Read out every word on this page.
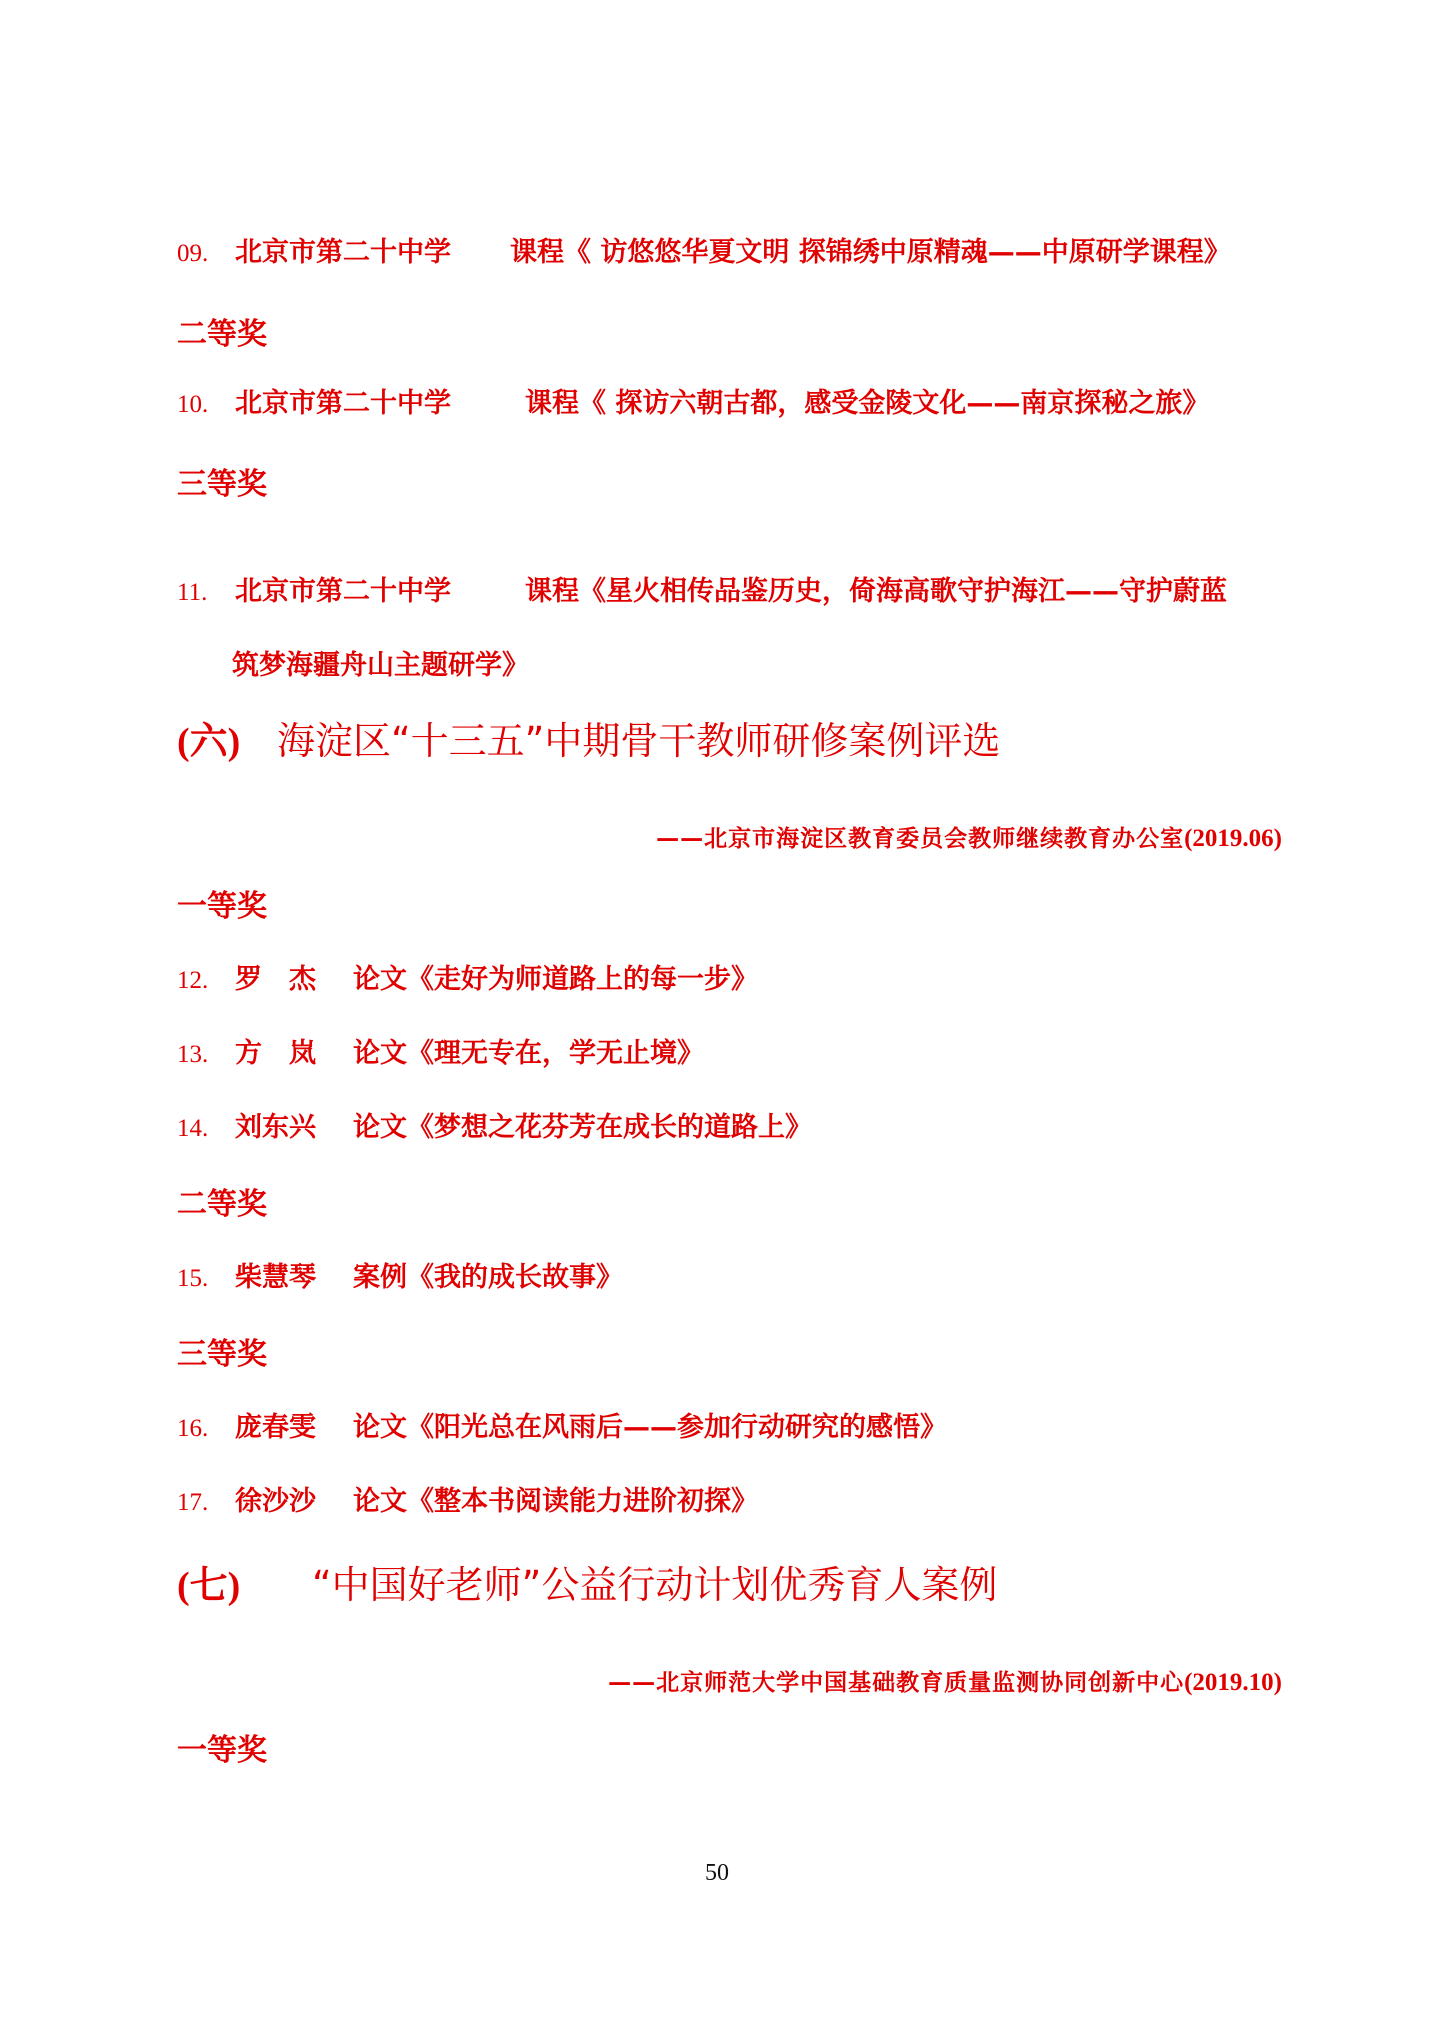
09. 北京市第二十中学 课程《 访悠悠华夏文明 探锦绣中原精魂——中原研学课程》
二等奖
10. 北京市第二十中学	课程《 探访六朝古都，感受金陵文化——南京探秘之旅》
三等奖
11. 北京市第二十中学	课程《星火相传品鉴历史，倚海高歌守护海江——守护蔚蓝
筑梦海疆舟山主题研学》
(六) 海淀区“十三五”中期骨干教师研修案例评选
——北京市海淀区教育委员会教师继续教育办公室(2019.06)
一等奖
12. 罗　杰 论文《走好为师道路上的每一步》
13. 方　岚 论文《理无专在，学无止境》
14. 刘东兴 论文《梦想之花芬芳在成长的道路上》
二等奖
15. 柴慧琴 案例《我的成长故事》
三等奖
16. 庞春雯 论文《阳光总在风雨后——参加行动研究的感悟》
17. 徐沙沙 论文《整本书阅读能力进阶初探》
(七) “中国好老师”公益行动计划优秀育人案例
——北京师范大学中国基础教育质量监测协同创新中心(2019.10)
一等奖
50
